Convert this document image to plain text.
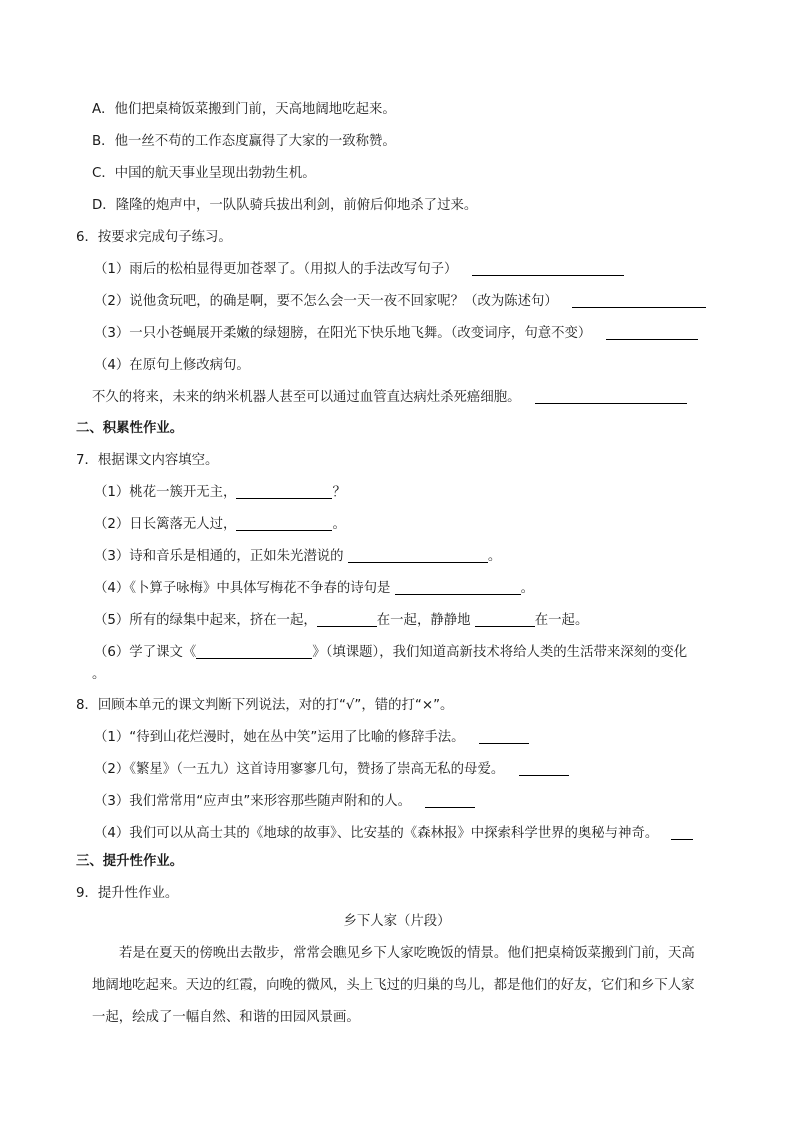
A．他们把桌椅饭菜搬到门前，天高地阔地吃起来。
B．他一丝不苟的工作态度赢得了大家的一致称赞。
C．中国的航天事业呈现出勃勃生机。
D．隆隆的炮声中，一队队骑兵拔出利剑，前俯后仰地杀了过来。
6．按要求完成句子练习。
（1）雨后的松柏显得更加苍翠了。（用拟人的手法改写句子）
（2）说他贪玩吧，的确是啊，要不怎么会一天一夜不回家呢？（改为陈述句）
（3）一只小苍蝇展开柔嫩的绿翅膀，在阳光下快乐地飞舞。（改变词序，句意不变）
（4）在原句上修改病句。
不久的将来，未来的纳米机器人甚至可以通过血管直达病灶杀死癌细胞。
二、积累性作业。
7．根据课文内容填空。
（1）桃花一簇开无主，	？
（2）日长篱落无人过，	。
（3）诗和音乐是相通的，正如朱光潜说的	。
（4）《卜算子咏梅》中具体写梅花不争春的诗句是	。
（5）所有的绿集中起来，挤在一起，	在一起，静静地	在一起。
（6）学了课文《	》（填课题），我们知道高新技术将给人类的生活带来深刻的变化
。
8．回顾本单元的课文判断下列说法，对的打“√”，错的打“×”。
（1）“待到山花烂漫时，她在丛中笑”运用了比喻的修辞手法。
（2）《繁星》（一五九）这首诗用寥寥几句，赞扬了崇高无私的母爱。
（3）我们常常用“应声虫”来形容那些随声附和的人。
（4）我们可以从高士其的《地球的故事》、比安基的《森林报》中探索科学世界的奥秘与神奇。
三、提升性作业。
9．提升性作业。
乡下人家（片段）
若是在夏天的傍晚出去散步，常常会瞧见乡下人家吃晚饭的情景。他们把桌椅饭菜搬到门前，天高
地阔地吃起来。天边的红霞，向晚的微风，头上飞过的归巢的鸟儿，都是他们的好友，它们和乡下人家
一起，绘成了一幅自然、和谐的田园风景画。
